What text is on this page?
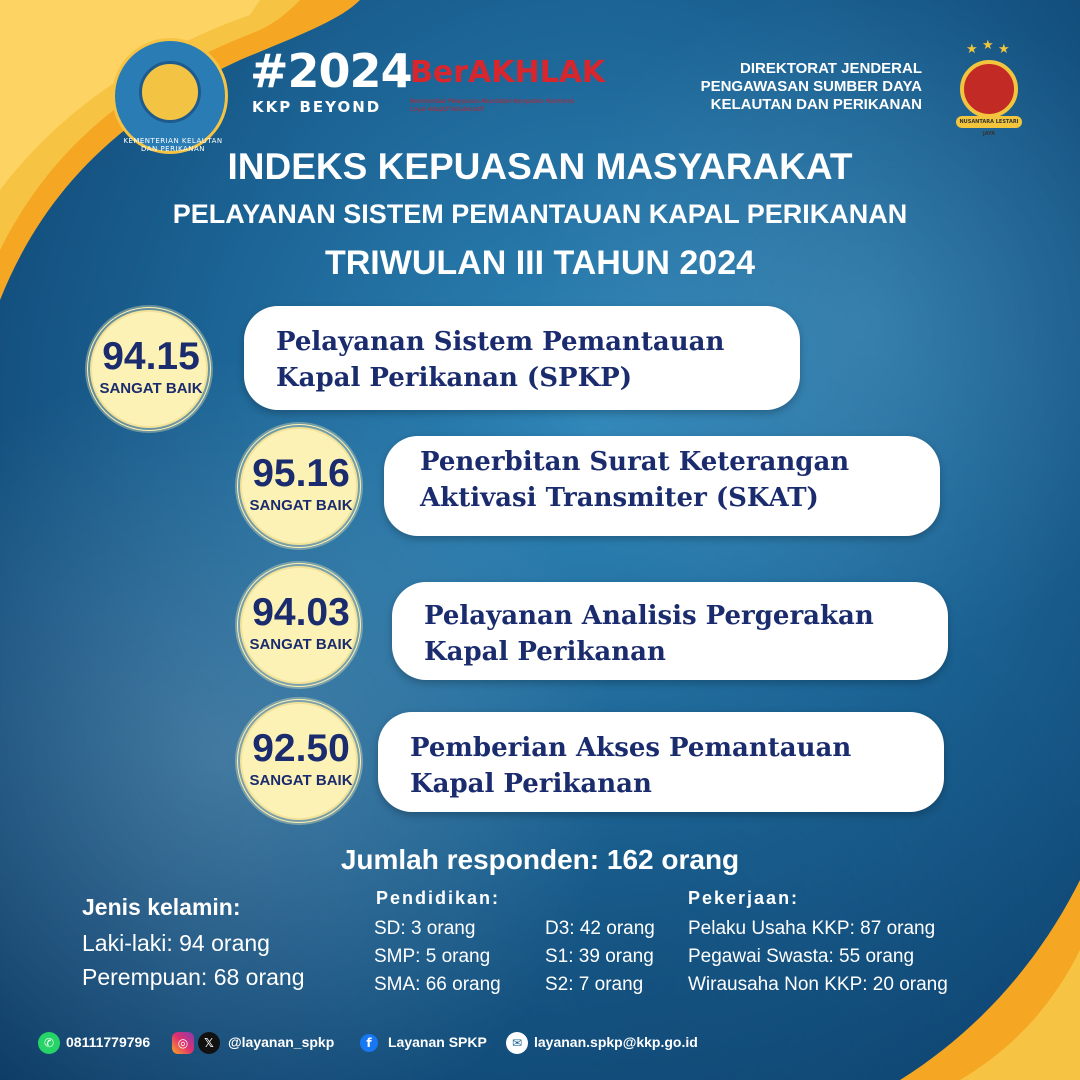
KEMENTERIAN KELAUTAN DAN PERIKANAN
#2024
KKP BEYOND
BerAKHLAK
Berorientasi Pelayanan Akuntabel Kompeten Harmonis Loyal Adaptif Kolaboratif
DIREKTORAT JENDERAL
PENGAWASAN SUMBER DAYA
KELAUTAN DAN PERIKANAN
★ ★ ★
NUSANTARA LESTARI JAYA
INDEKS KEPUASAN MASYARAKAT
PELAYANAN SISTEM PEMANTAUAN KAPAL PERIKANAN
TRIWULAN III TAHUN 2024
Pelayanan Sistem Pemantauan
Kapal Perikanan (SPKP)
94.15
SANGAT BAIK
Penerbitan Surat Keterangan
Aktivasi Transmiter (SKAT)
95.16
SANGAT BAIK
Pelayanan Analisis Pergerakan
Kapal Perikanan
94.03
SANGAT BAIK
Pemberian Akses Pemantauan
Kapal Perikanan
92.50
SANGAT BAIK
Jumlah responden: 162 orang
Jenis kelamin:
Laki-laki: 94 orang
Perempuan: 68 orang
Pendidikan:
SD: 3 orang
SMP: 5 orang
SMA: 66 orang
D3: 42 orang
S1: 39 orang
S2: 7 orang
Pekerjaan:
Pelaku Usaha KKP: 87 orang
Pegawai Swasta: 55 orang
Wirausaha Non KKP: 20 orang
✆ 08111779796	◎	𝕏	@layanan_spkp	f	Layanan SPKP	✉ layanan.spkp@kkp.go.id
